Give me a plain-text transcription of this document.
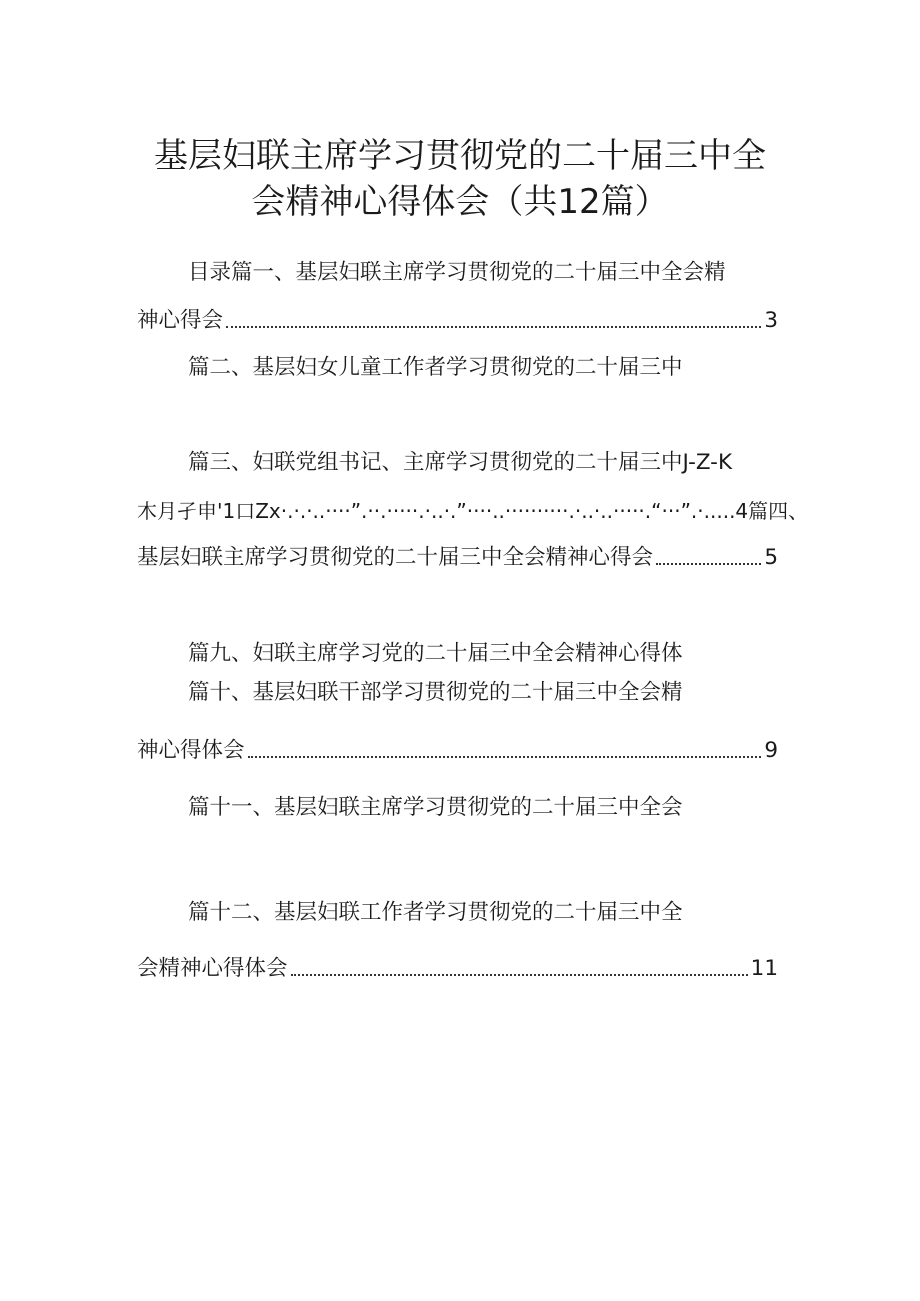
基层妇联主席学习贯彻党的二十届三中全
会精神心得体会（共12篇）
目录篇一、基层妇联主席学习贯彻党的二十届三中全会精
神心得会	3
篇二、基层妇女儿童工作者学习贯彻党的二十届三中
篇三、妇联党组书记、主席学习贯彻党的二十届三中J-Z-K
木月孑申'1口Zx·.·.·..····”.··.·····.·..·.”····..··········.·..·..·····.“···”.·.....4篇四、
基层妇联主席学习贯彻党的二十届三中全会精神心得会	5
篇九、妇联主席学习党的二十届三中全会精神心得体
篇十、基层妇联干部学习贯彻党的二十届三中全会精
神心得体会	9
篇十一、基层妇联主席学习贯彻党的二十届三中全会
篇十二、基层妇联工作者学习贯彻党的二十届三中全
会精神心得体会	11
